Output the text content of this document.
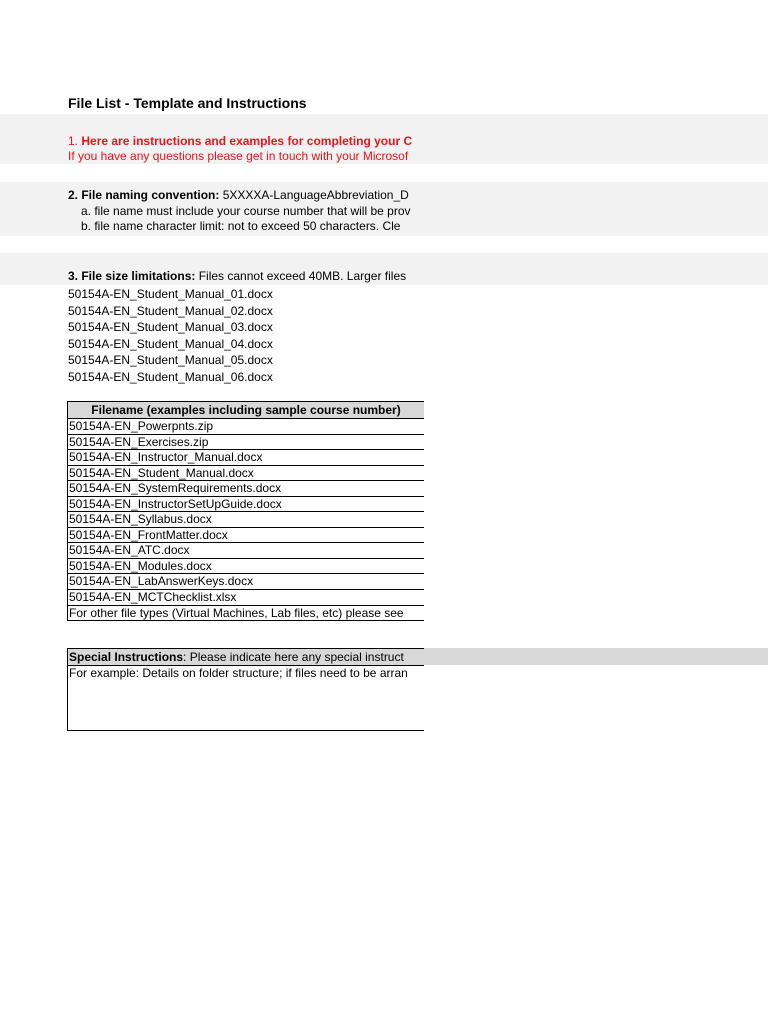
File List - Template and Instructions
1. Here are instructions and examples for completing your C
If you have any questions please get in touch with your Microsof
2. File naming convention: 5XXXXA-LanguageAbbreviation_D
a. file name must include your course number that will be prov
b. file name character limit: not to exceed 50 characters. Cle
3. File size limitations: Files cannot exceed 40MB. Larger files
50154A-EN_Student_Manual_01.docx
50154A-EN_Student_Manual_02.docx
50154A-EN_Student_Manual_03.docx
50154A-EN_Student_Manual_04.docx
50154A-EN_Student_Manual_05.docx
50154A-EN_Student_Manual_06.docx
Filename (examples including sample course number)
50154A-EN_Powerpnts.zip
50154A-EN_Exercises.zip
50154A-EN_Instructor_Manual.docx
50154A-EN_Student_Manual.docx
50154A-EN_SystemRequirements.docx
50154A-EN_InstructorSetUpGuide.docx
50154A-EN_Syllabus.docx
50154A-EN_FrontMatter.docx
50154A-EN_ATC.docx
50154A-EN_Modules.docx
50154A-EN_LabAnswerKeys.docx
50154A-EN_MCTChecklist.xlsx
For other file types (Virtual Machines, Lab files, etc) please see
Special Instructions: Please indicate here any special instruct
For example: Details on folder structure; if files need to be arran
